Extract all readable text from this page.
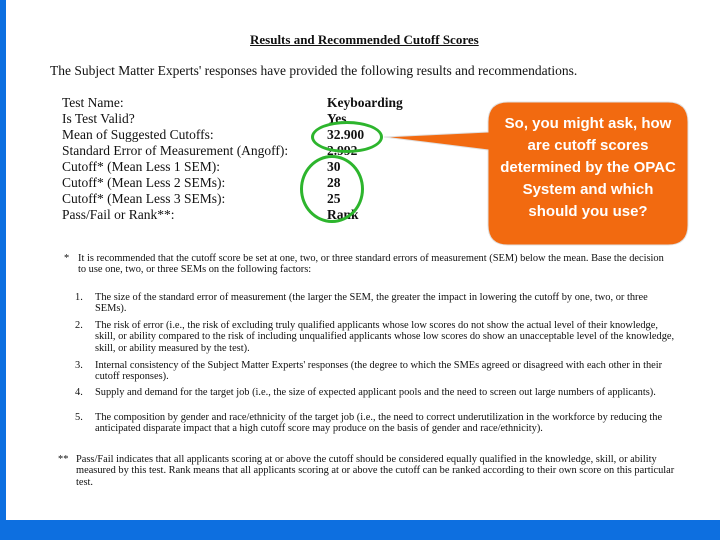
Results and Recommended Cutoff Scores
The Subject Matter Experts' responses have provided the following results and recommendations.
Test Name:	Keyboarding
Is Test Valid?	Yes
Mean of Suggested Cutoffs:	32.900
Standard Error of Measurement (Angoff):	2.992
Cutoff* (Mean Less 1 SEM):	30
Cutoff* (Mean Less 2 SEMs):	28
Cutoff* (Mean Less 3 SEMs):	25
Pass/Fail or Rank**:	Rank
* It is recommended that the cutoff score be set at one, two, or three standard errors of measurement (SEM) below the mean. Base the decision to use one, two, or three SEMs on the following factors:
1. The size of the standard error of measurement (the larger the SEM, the greater the impact in lowering the cutoff by one, two, or three SEMs).
2. The risk of error (i.e., the risk of excluding truly qualified applicants whose low scores do not show the actual level of their knowledge, skill, or ability compared to the risk of including unqualified applicants whose low scores do show an unacceptable level of the knowledge, skill, or ability measured by the test).
3. Internal consistency of the Subject Matter Experts' responses (the degree to which the SMEs agreed or disagreed with each other in their cutoff responses).
4. Supply and demand for the target job (i.e., the size of expected applicant pools and the need to screen out large numbers of applicants).
5. The composition by gender and race/ethnicity of the target job (i.e., the need to correct underutilization in the workforce by reducing the anticipated disparate impact that a high cutoff score may produce on the basis of gender and race/ethnicity).
** Pass/Fail indicates that all applicants scoring at or above the cutoff should be considered equally qualified in the knowledge, skill, or ability measured by this test. Rank means that all applicants scoring at or above the cutoff can be ranked according to their own score on this particular test.
So, you might ask, how are cutoff scores determined by the OPAC System and which should you use?
